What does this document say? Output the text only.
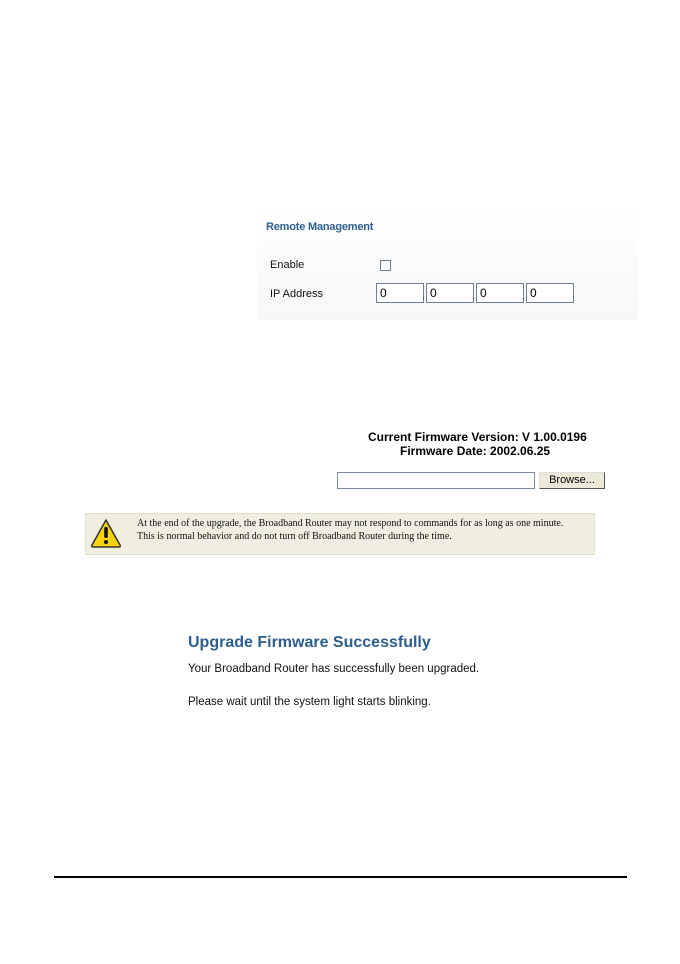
Remote Management
Enable
IP Address	0	. 0	. 0	. 0
Current Firmware Version: V 1.00.0196
Firmware Date: 2002.06.25
Browse...
At the end of the upgrade, the Broadband Router may not respond to commands for as long as one minute.
This is normal behavior and do not turn off Broadband Router during the time.
Upgrade Firmware Successfully
Your Broadband Router has successfully been upgraded.
Please wait until the system light starts blinking.
